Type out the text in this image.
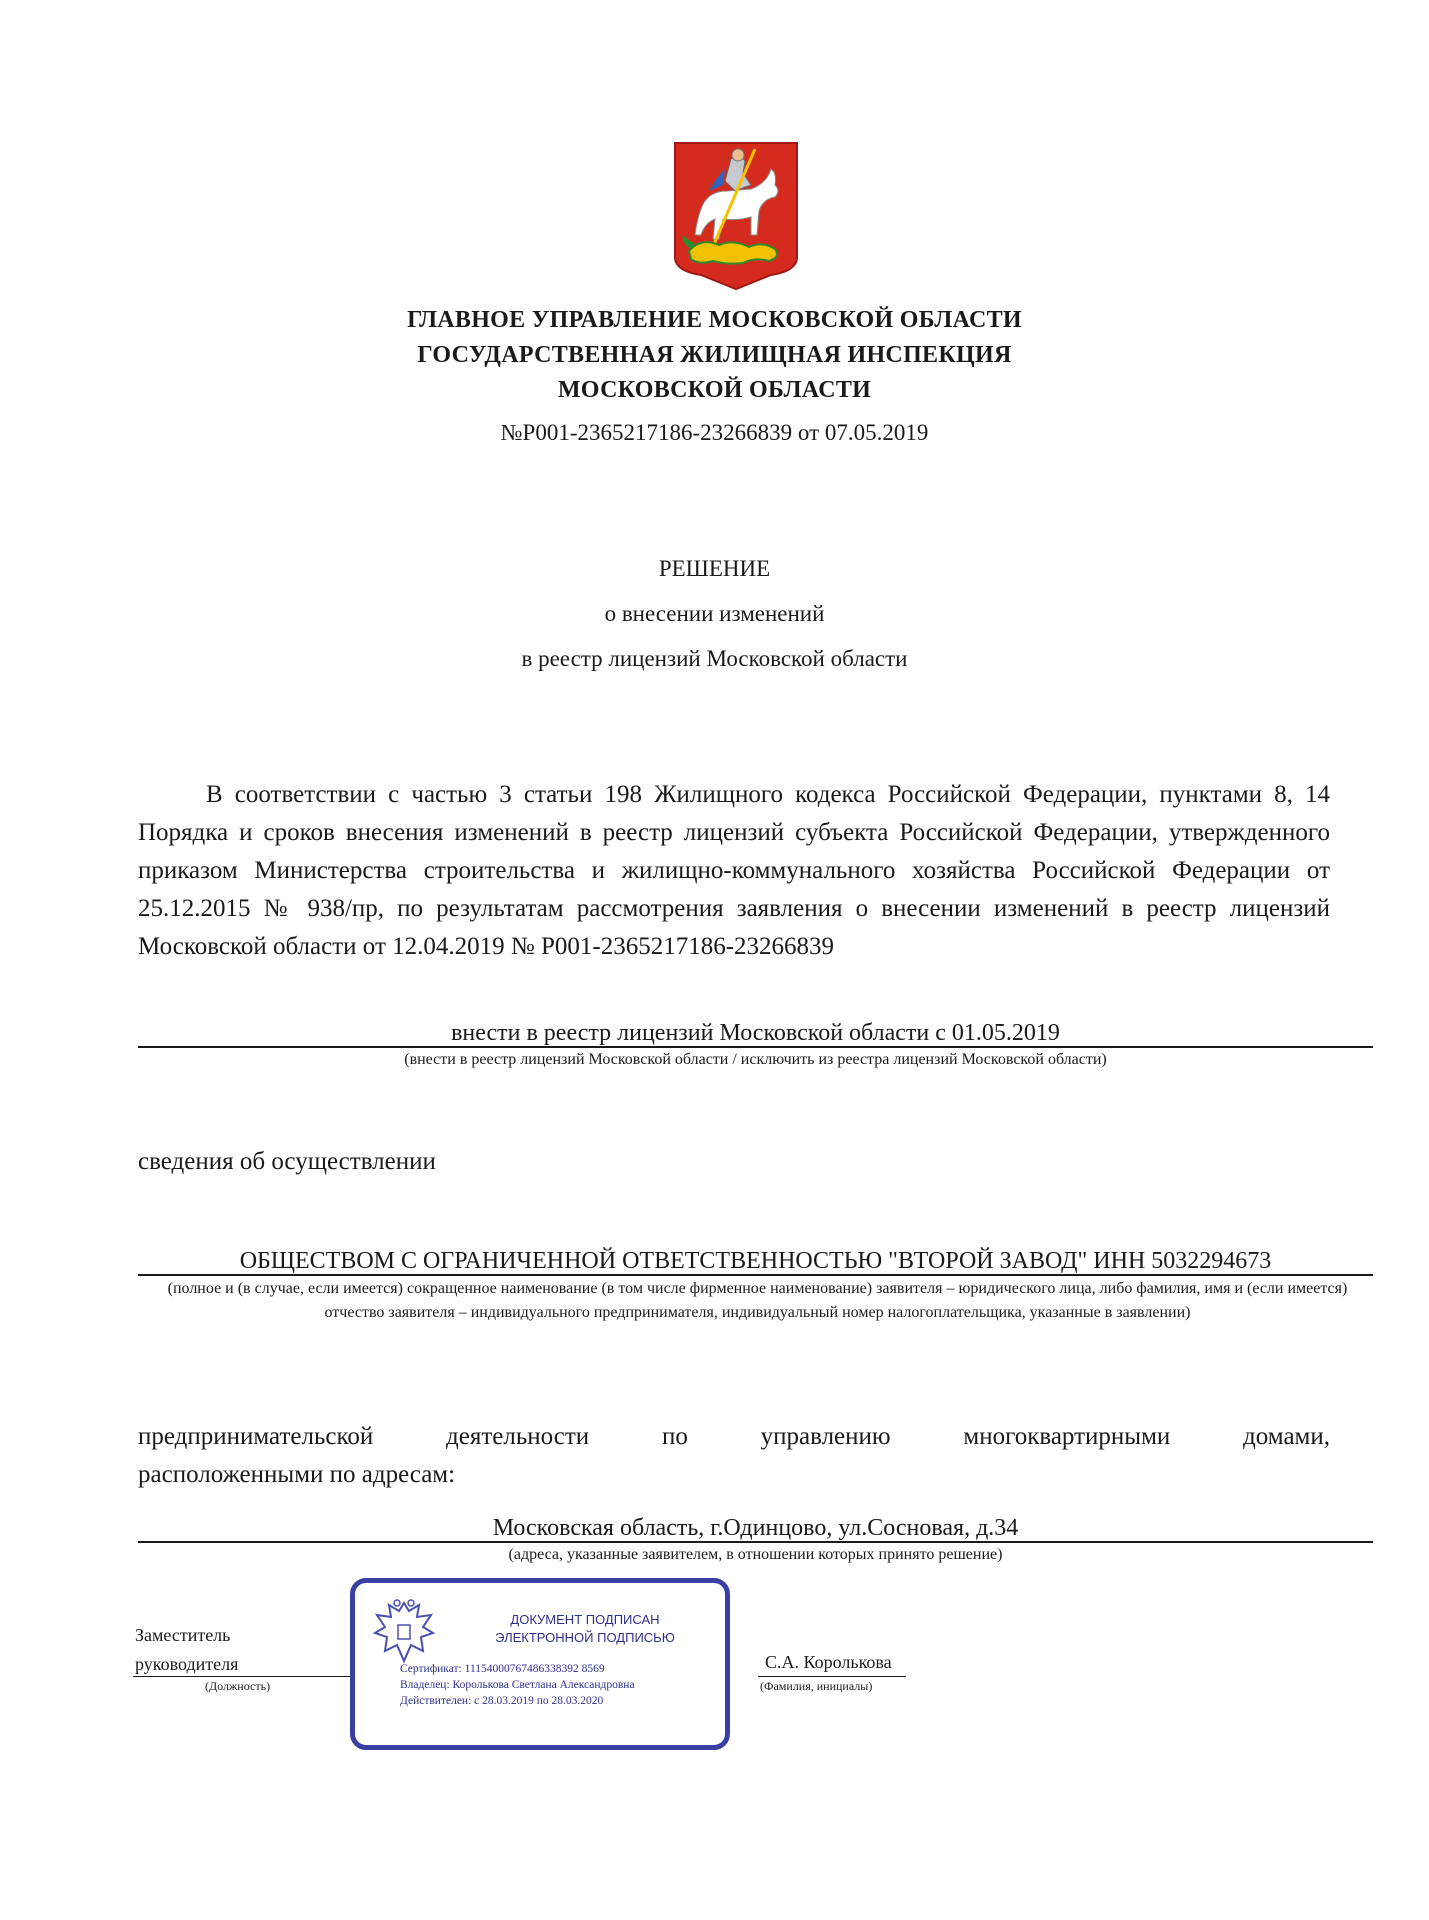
ГЛАВНОЕ УПРАВЛЕНИЕ МОСКОВСКОЙ ОБЛАСТИ
ГОСУДАРСТВЕННАЯ ЖИЛИЩНАЯ ИНСПЕКЦИЯ
МОСКОВСКОЙ ОБЛАСТИ
№Р001-2365217186-23266839 от 07.05.2019
РЕШЕНИЕ
о внесении изменений
в реестр лицензий Московской области
В соответствии с частью 3 статьи 198 Жилищного кодекса Российской Федерации, пунктами 8, 14 Порядка и сроков внесения изменений в реестр лицензий субъекта Российской Федерации, утвержденного приказом Министерства строительства и жилищно-коммунального хозяйства Российской Федерации от 25.12.2015 № 938/пр, по результатам рассмотрения заявления о внесении изменений в реестр лицензий Московской области от 12.04.2019 № Р001-2365217186-23266839
внести в реестр лицензий Московской области с 01.05.2019
(внести в реестр лицензий Московской области / исключить из реестра лицензий Московской области)
сведения об осуществлении
ОБЩЕСТВОМ С ОГРАНИЧЕННОЙ ОТВЕТСТВЕННОСТЬЮ "ВТОРОЙ ЗАВОД" ИНН 5032294673
(полное и (в случае, если имеется) сокращенное наименование (в том числе фирменное наименование) заявителя – юридического лица, либо фамилия, имя и (если имеется) отчество заявителя – индивидуального предпринимателя, индивидуальный номер налогоплательщика, указанные в заявлении)
предпринимательской деятельности по управлению многоквартирными домами,
расположенными по адресам:
Московская область, г.Одинцово, ул.Сосновая, д.34
(адреса, указанные заявителем, в отношении которых принято решение)
Заместитель
руководителя
(Должность)
С.А. Королькова
(Фамилия, инициалы)
ДОКУМЕНТ ПОДПИСАН
ЭЛЕКТРОННОЙ ПОДПИСЬЮ
Сертификат: 11154000767486338392 8569
Владелец: Королькова Светлана Александровна
Действителен: с 28.03.2019 по 28.03.2020
